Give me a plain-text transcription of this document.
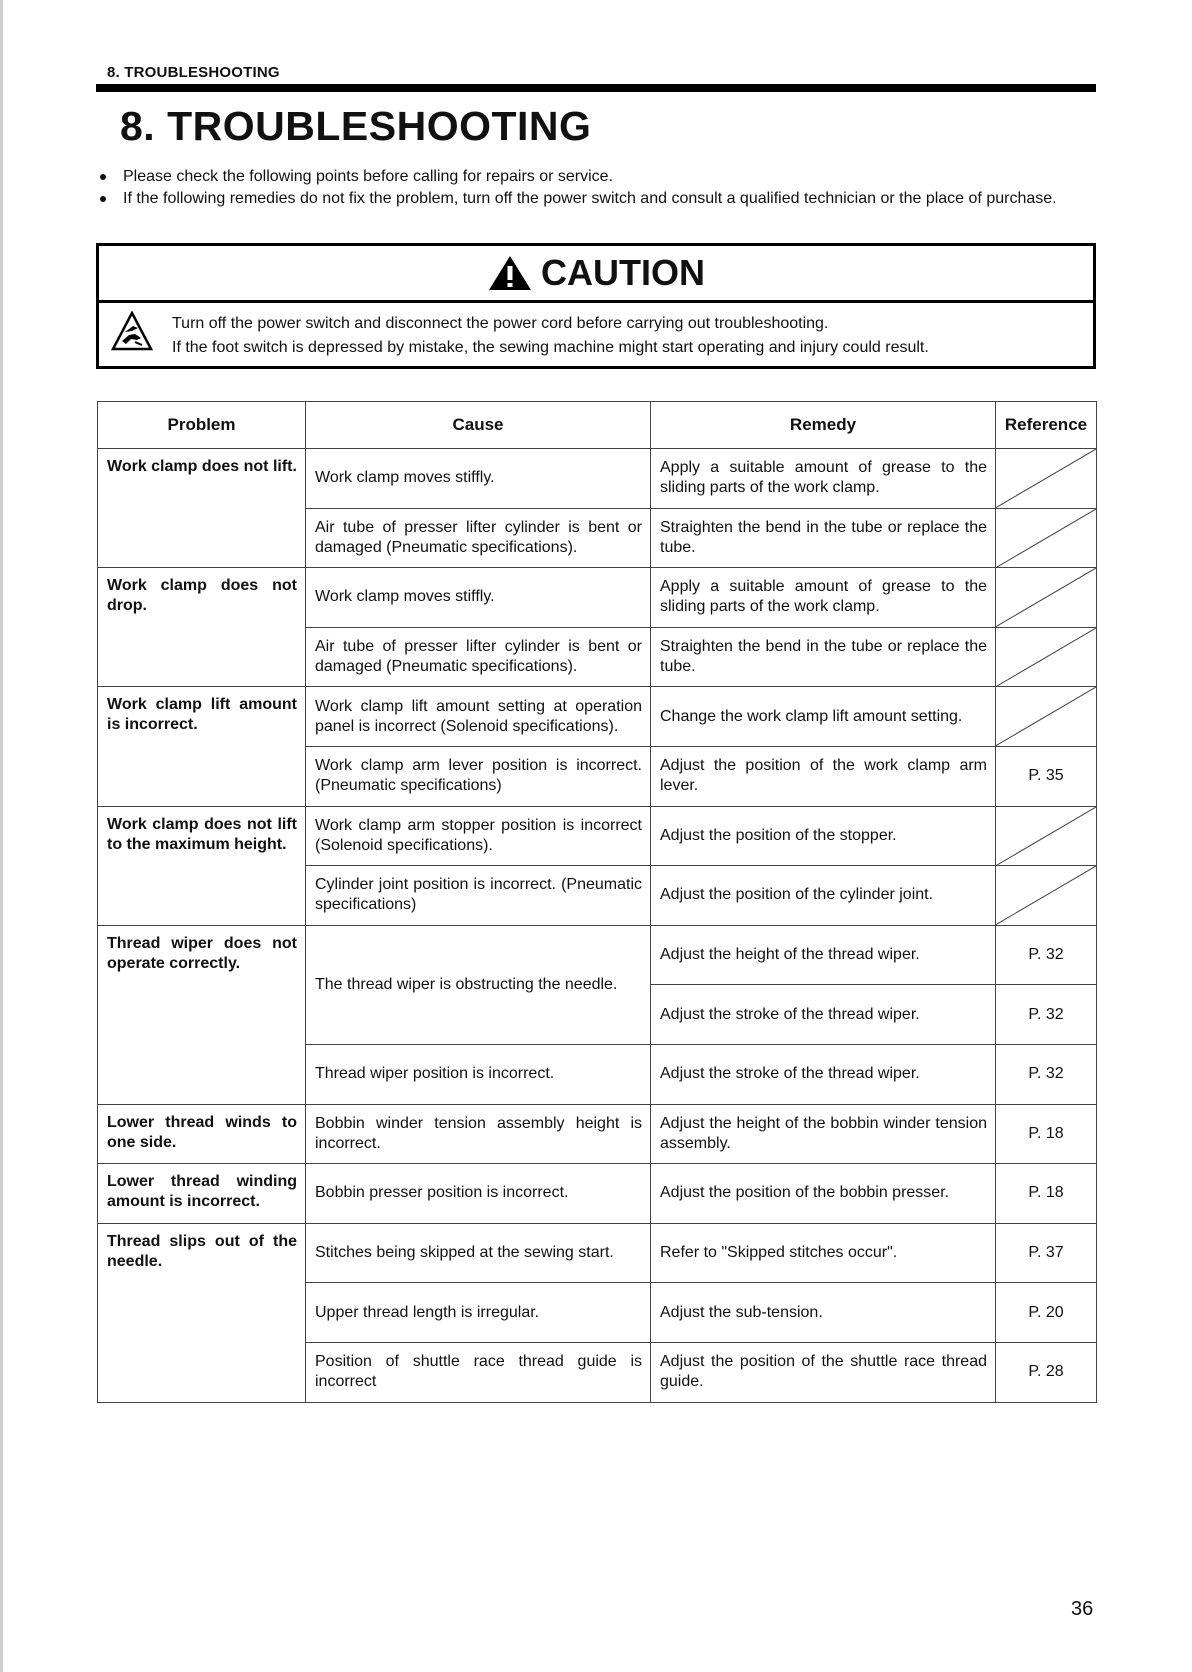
8. TROUBLESHOOTING
8. TROUBLESHOOTING
Please check the following points before calling for repairs or service.
If the following remedies do not fix the problem, turn off the power switch and consult a qualified technician or the place of purchase.
CAUTION
Turn off the power switch and disconnect the power cord before carrying out troubleshooting.
If the foot switch is depressed by mistake, the sewing machine might start operating and injury could result.
Problem	Cause	Remedy	Reference
Work clamp does not lift.	Work clamp moves stiffly.	Apply a suitable amount of grease to the sliding parts of the work clamp.	

	Air tube of presser lifter cylinder is bent or damaged (Pneumatic specifications).	Straighten the bend in the tube or replace the tube.	

Work clamp does not drop.	Work clamp moves stiffly.	Apply a suitable amount of grease to the sliding parts of the work clamp.	

	Air tube of presser lifter cylinder is bent or damaged (Pneumatic specifications).	Straighten the bend in the tube or replace the tube.	

Work clamp lift amount is incorrect.	Work clamp lift amount setting at operation panel is incorrect (Solenoid specifications).	Change the work clamp lift amount setting.	

	Work clamp arm lever position is incorrect. (Pneumatic specifications)	Adjust the position of the work clamp arm lever.	P. 35
Work clamp does not lift to the maximum height.	Work clamp arm stopper position is incorrect (Solenoid specifications).	Adjust the position of the stopper.	

	Cylinder joint position is incorrect. (Pneumatic specifications)	Adjust the position of the cylinder joint.	

Thread wiper does not operate correctly.	The thread wiper is obstructing the needle.	Adjust the height of the thread wiper.	P. 32
		Adjust the stroke of the thread wiper.	P. 32
	Thread wiper position is incorrect.	Adjust the stroke of the thread wiper.	P. 32
Lower thread winds to one side.	Bobbin winder tension assembly height is incorrect.	Adjust the height of the bobbin winder tension assembly.	P. 18
Lower thread winding amount is incorrect.	Bobbin presser position is incorrect.	Adjust the position of the bobbin presser.	P. 18
Thread slips out of the needle.	Stitches being skipped at the sewing start.	Refer to "Skipped stitches occur".	P. 37
	Upper thread length is irregular.	Adjust the sub-tension.	P. 20
	Position of shuttle race thread guide is incorrect	Adjust the position of the shuttle race thread guide.	P. 28
36
